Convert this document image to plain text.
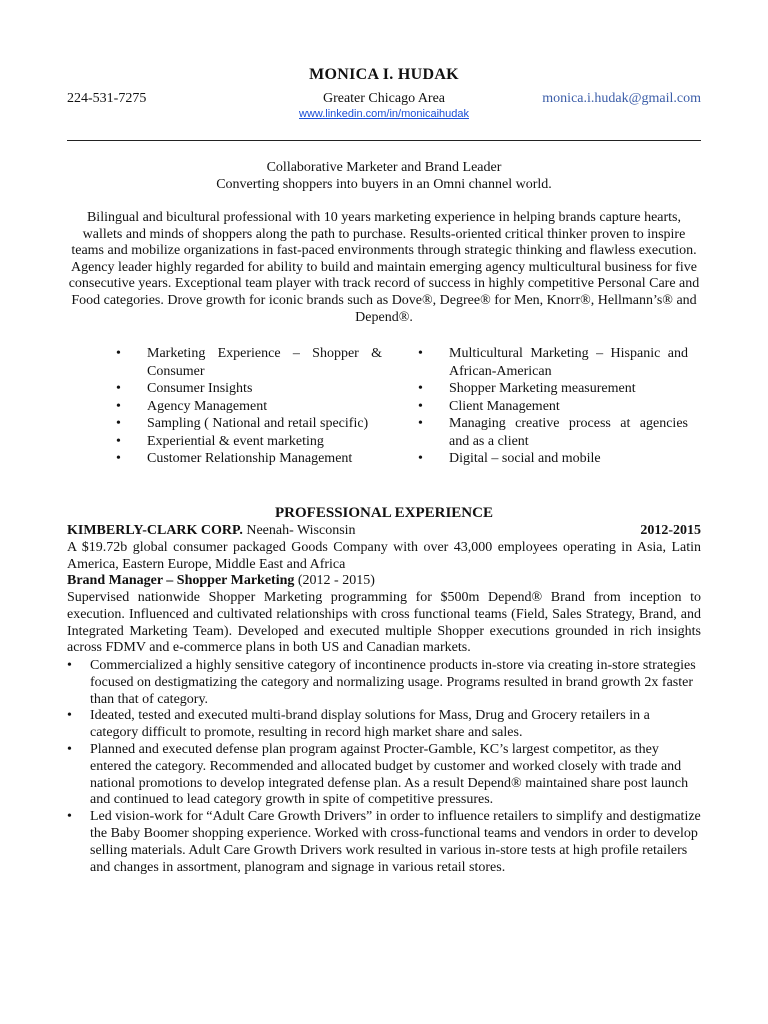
MONICA I. HUDAK
224-531-7275	Greater Chicago Area	monica.i.hudak@gmail.com
www.linkedin.com/in/monicaihudak
Collaborative Marketer and Brand Leader
Converting shoppers into buyers in an Omni channel world.

Bilingual and bicultural professional with 10 years marketing experience in helping brands capture hearts, wallets and minds of shoppers along the path to purchase. Results-oriented critical thinker proven to inspire teams and mobilize organizations in fast-paced environments through strategic thinking and flawless execution. Agency leader highly regarded for ability to build and maintain emerging agency multicultural business for five consecutive years. Exceptional team player with track record of success in highly competitive Personal Care and Food categories. Drove growth for iconic brands such as Dove®, Degree® for Men, Knorr®, Hellmann’s® and Depend®.

• Marketing Experience – Shopper & Consumer
• Consumer Insights
• Agency Management
• Sampling ( National and retail specific)
• Experiential & event marketing
• Customer Relationship Management
• Multicultural Marketing – Hispanic and African-American
• Shopper Marketing measurement
• Client Management
• Managing creative process at agencies and as a client
• Digital – social and mobile
PROFESSIONAL EXPERIENCE
KIMBERLY-CLARK CORP. Neenah- Wisconsin	2012-2015

A $19.72b global consumer packaged Goods Company with over 43,000 employees operating in Asia, Latin America, Eastern Europe, Middle East and Africa

Brand Manager – Shopper Marketing (2012 - 2015)

Supervised nationwide Shopper Marketing programming for $500m Depend® Brand from inception to execution. Influenced and cultivated relationships with cross functional teams (Field, Sales Strategy, Brand, and Integrated Marketing Team). Developed and executed multiple Shopper executions grounded in rich insights across FDMV and e-commerce plans in both US and Canadian markets.

• Commercialized a highly sensitive category of incontinence products in-store via creating in-store strategies focused on destigmatizing the category and normalizing usage. Programs resulted in brand growth 2x faster than that of category.
• Ideated, tested and executed multi-brand display solutions for Mass, Drug and Grocery retailers in a category difficult to promote, resulting in record high market share and sales.
• Planned and executed defense plan program against Procter-Gamble, KC’s largest competitor, as they entered the category. Recommended and allocated budget by customer and worked closely with trade and national promotions to develop integrated defense plan. As a result Depend® maintained share post launch and continued to lead category growth in spite of competitive pressures.
• Led vision-work for “Adult Care Growth Drivers” in order to influence retailers to simplify and destigmatize the Baby Boomer shopping experience. Worked with cross-functional teams and vendors in order to develop selling materials. Adult Care Growth Drivers work resulted in various in-store tests at high profile retailers and changes in assortment, planogram and signage in various retail stores.
